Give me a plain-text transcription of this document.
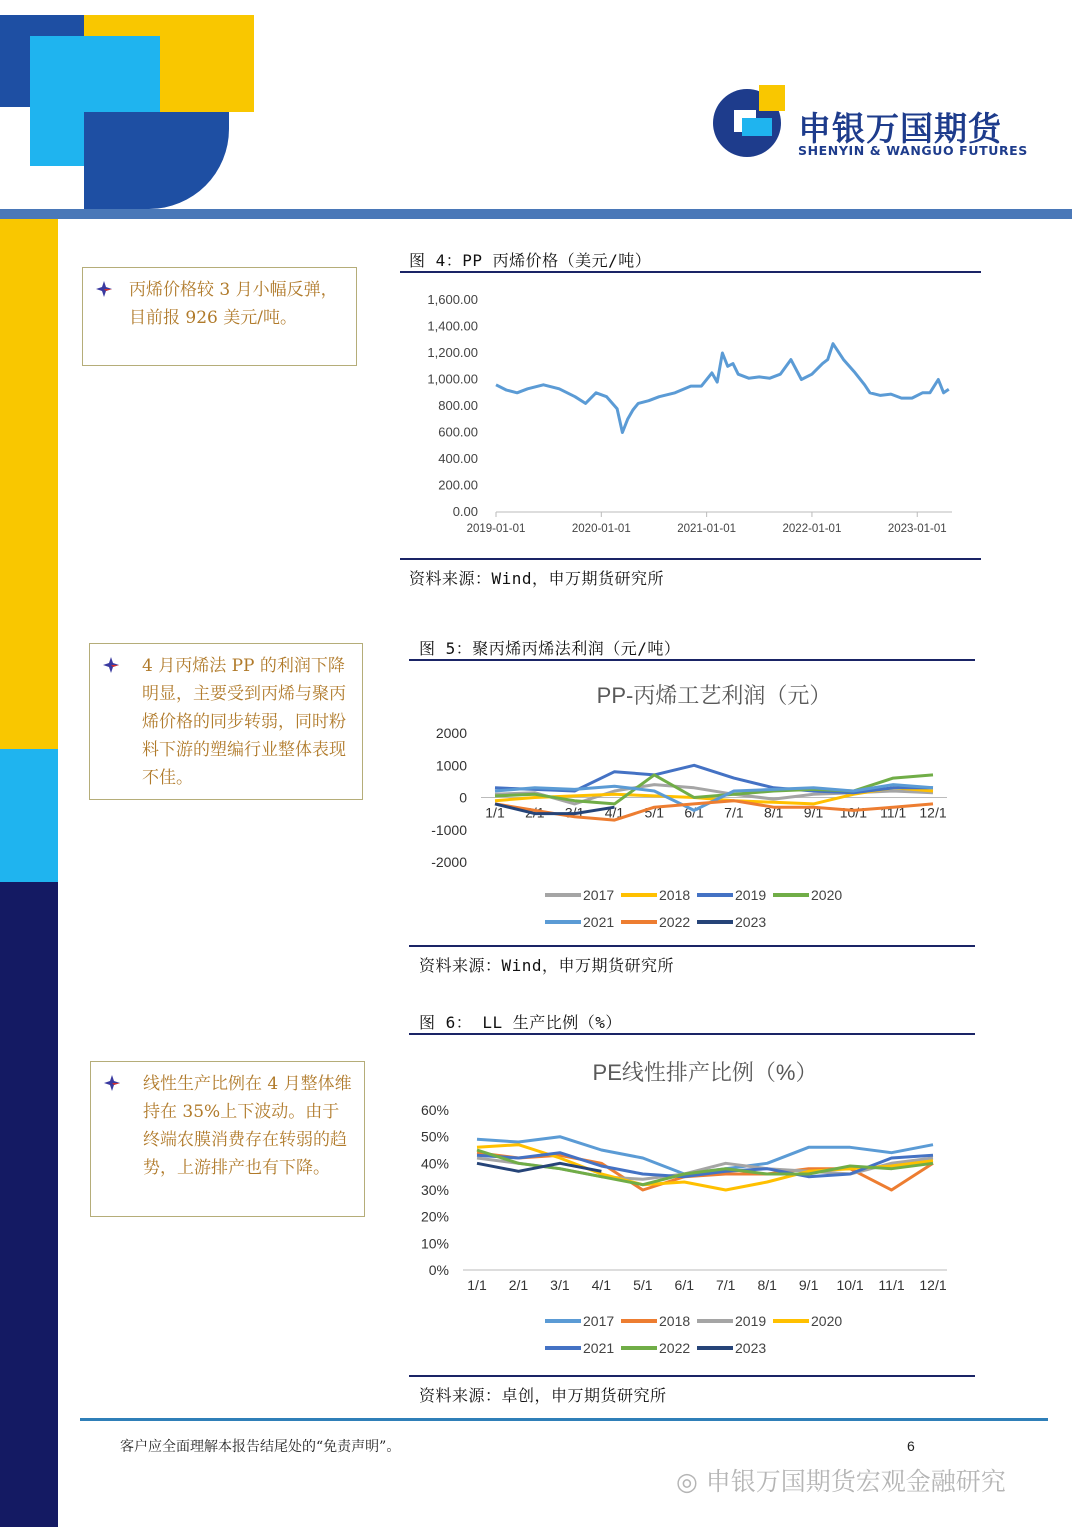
申银万国期货
SHENYIN & WANGUO FUTURES
丙烯价格较 3 月小幅反弹，目前报 926 美元/吨。
4 月丙烯法 PP 的利润下降明显，主要受到丙烯与聚丙烯价格的同步转弱，同时粉料下游的塑编行业整体表现不佳。
线性生产比例在 4 月整体维持在 35%上下波动。由于终端农膜消费存在转弱的趋势，上游排产也有下降。
图 4：PP 丙烯价格（美元/吨）
1,600.00
1,400.00
1,200.00
1,000.00
800.00
600.00
400.00
200.00
0.00
2019-01-01	2020-01-01	2021-01-01	2022-01-01	2023-01-01
资料来源：Wind，申万期货研究所
图 5：聚丙烯丙烯法利润（元/吨）
PP-丙烯工艺利润（元）
2000
1000
0
-1000
-2000
1/1 2/1 3/1 4/1 5/1 6/1 7/1 8/1 9/1 10/1 11/1 12/1
2017	2018	2019	2020
2021	2022	2023
资料来源：Wind，申万期货研究所
图 6： LL 生产比例（%）
PE线性排产比例（%）
60%
50%
40%
30%
20%
10%
0%
1/1 2/1 3/1 4/1 5/1 6/1 7/1 8/1 9/1 10/1 11/1 12/1
2017	2018	2019	2020
2021	2022	2023
资料来源：卓创，申万期货研究所
客户应全面理解本报告结尾处的“免责声明”。	6
◎ 申银万国期货宏观金融研究
